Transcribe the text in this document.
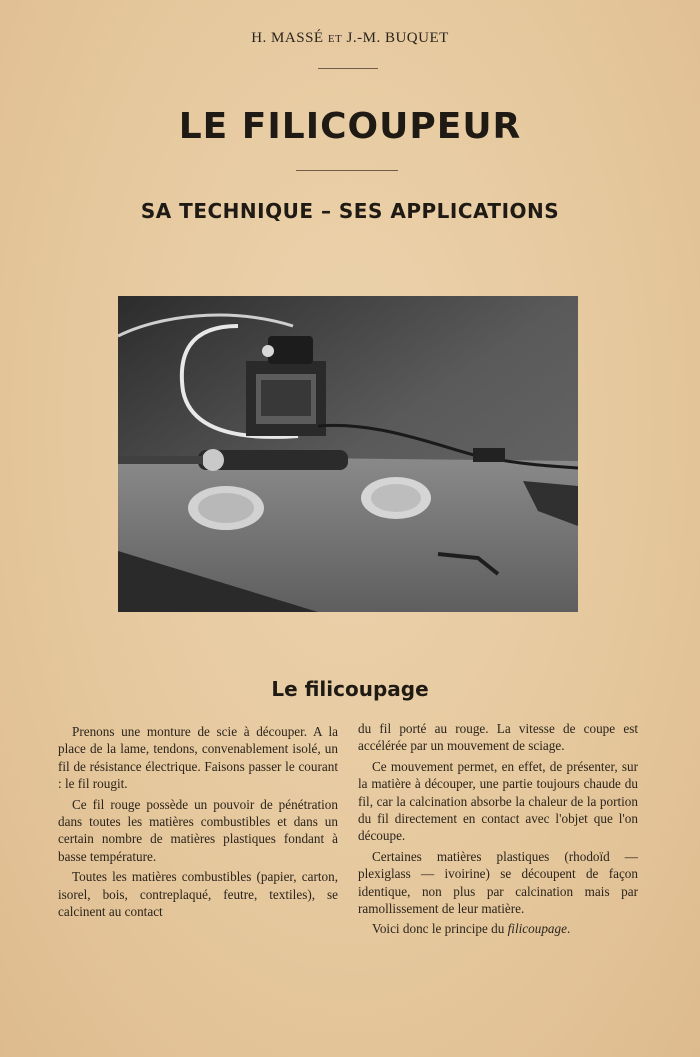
H. MASSÉ ET J.-M. BUQUET
LE FILICOUPEUR
SA TECHNIQUE – SES APPLICATIONS
Le filicoupage

Prenons une monture de scie à découper. A la place de la lame, tendons, convenablement isolé, un fil de résistance électrique. Faisons passer le courant : le fil rougit.

Ce fil rouge possède un pouvoir de pénétration dans toutes les matières combustibles et dans un certain nombre de matières plastiques fondant à basse température.

Toutes les matières combustibles (papier, carton, isorel, bois, contreplaqué, feutre, textiles), se calcinent au contact

du fil porté au rouge. La vitesse de coupe est accélérée par un mouvement de sciage.

Ce mouvement permet, en effet, de présenter, sur la matière à découper, une partie toujours chaude du fil, car la calcination absorbe la chaleur de la portion du fil directement en contact avec l'objet que l'on découpe.

Certaines matières plastiques (rhodoïd — plexiglass — ivoirine) se découpent de façon identique, non plus par calcination mais par ramollissement de leur matière.

Voici donc le principe du filicoupage.
